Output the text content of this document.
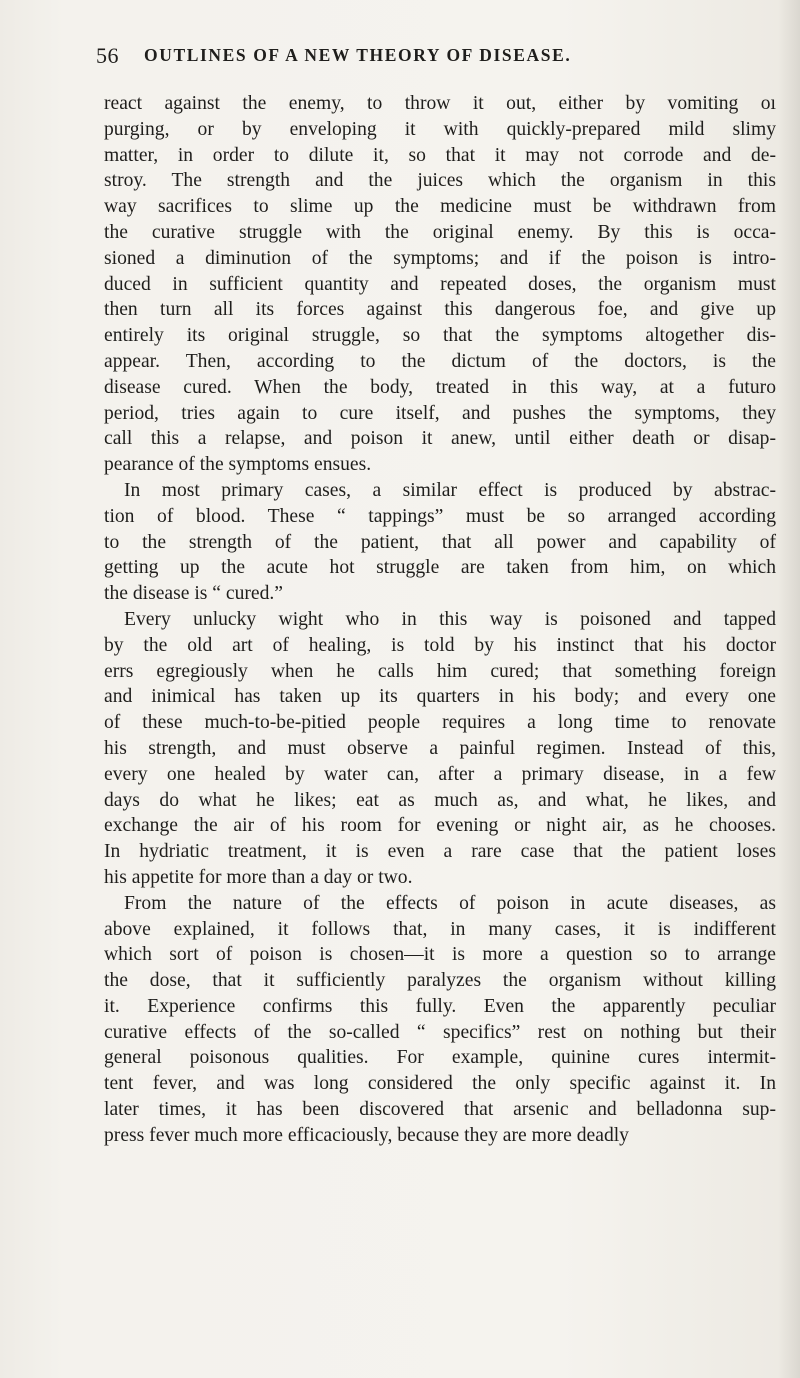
56 OUTLINES OF A NEW THEORY OF DISEASE.
react against the enemy, to throw it out, either by vomiting oı
purging, or by enveloping it with quickly-prepared mild slimy
matter, in order to dilute it, so that it may not corrode and de-
stroy. The strength and the juices which the organism in this
way sacrifices to slime up the medicine must be withdrawn from
the curative struggle with the original enemy. By this is occa-
sioned a diminution of the symptoms; and if the poison is intro-
duced in sufficient quantity and repeated doses, the organism must
then turn all its forces against this dangerous foe, and give up
entirely its original struggle, so that the symptoms altogether dis-
appear. Then, according to the dictum of the doctors, is the
disease cured. When the body, treated in this way, at a futuro
period, tries again to cure itself, and pushes the symptoms, they
call this a relapse, and poison it anew, until either death or disap-
pearance of the symptoms ensues.
In most primary cases, a similar effect is produced by abstrac-
tion of blood. These “ tappings” must be so arranged according
to the strength of the patient, that all power and capability of
getting up the acute hot struggle are taken from him, on which
the disease is “ cured.”
Every unlucky wight who in this way is poisoned and tapped
by the old art of healing, is told by his instinct that his doctor
errs egregiously when he calls him cured; that something foreign
and inimical has taken up its quarters in his body; and every one
of these much-to-be-pitied people requires a long time to renovate
his strength, and must observe a painful regimen. Instead of this,
every one healed by water can, after a primary disease, in a few
days do what he likes; eat as much as, and what, he likes, and
exchange the air of his room for evening or night air, as he chooses.
In hydriatic treatment, it is even a rare case that the patient loses
his appetite for more than a day or two.
From the nature of the effects of poison in acute diseases, as
above explained, it follows that, in many cases, it is indifferent
which sort of poison is chosen—it is more a question so to arrange
the dose, that it sufficiently paralyzes the organism without killing
it. Experience confirms this fully. Even the apparently peculiar
curative effects of the so-called “ specifics” rest on nothing but their
general poisonous qualities. For example, quinine cures intermit-
tent fever, and was long considered the only specific against it. In
later times, it has been discovered that arsenic and belladonna sup-
press fever much more efficaciously, because they are more deadly
